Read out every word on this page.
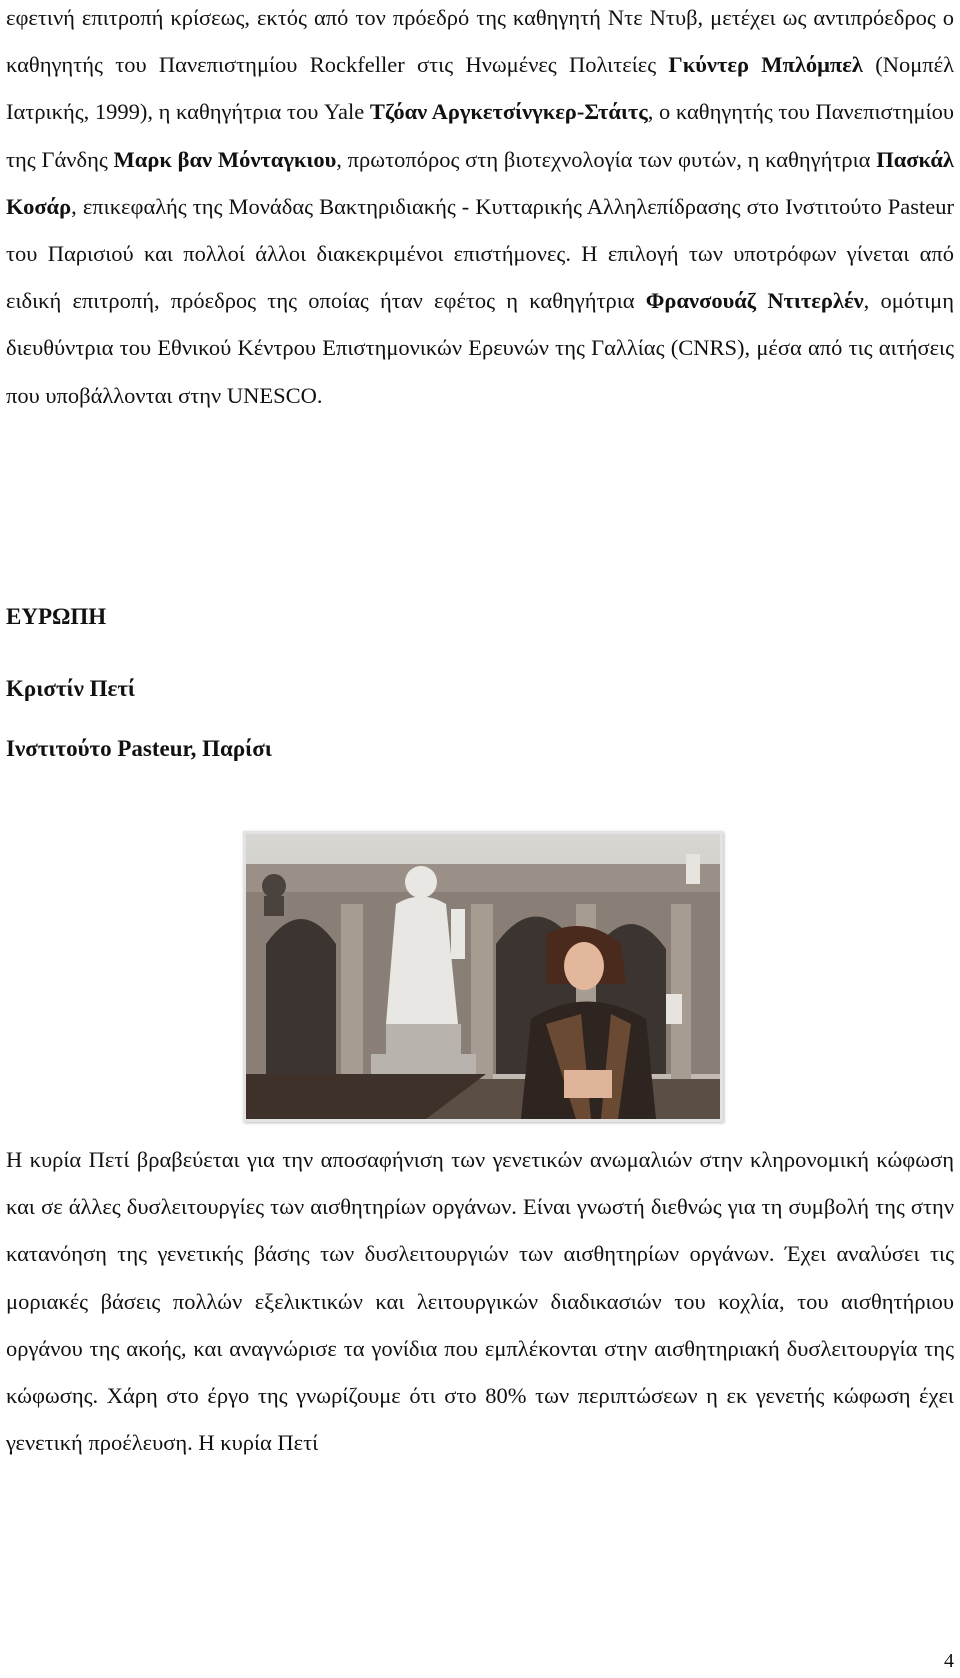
εφετινή επιτροπή κρίσεως, εκτός από τον πρόεδρό της καθηγητή Ντε Ντυβ, μετέχει ως αντιπρόεδρος ο καθηγητής του Πανεπιστημίου Rockfeller στις Ηνωμένες Πολιτείες Γκύντερ Μπλόμπελ (Νομπέλ Ιατρικής, 1999), η καθηγήτρια του Yale Τζόαν Αργκετσίνγκερ-Στάιτς, ο καθηγητής του Πανεπιστημίου της Γάνδης Μαρκ βαν Μόνταγκιου, πρωτοπόρος στη βιοτεχνολογία των φυτών, η καθηγήτρια Πασκάλ Κοσάρ, επικεφαλής της Μονάδας Βακτηριδιακής - Κυτταρικής Αλληλεπίδρασης στο Ινστιτούτο Pasteur του Παρισιού και πολλοί άλλοι διακεκριμένοι επιστήμονες. Η επιλογή των υποτρόφων γίνεται από ειδική επιτροπή, πρόεδρος της οποίας ήταν εφέτος η καθηγήτρια Φρανσουάζ Ντιτερλέν, ομότιμη διευθύντρια του Εθνικού Κέντρου Επιστημονικών Ερευνών της Γαλλίας (CNRS), μέσα από τις αιτήσεις που υποβάλλονται στην UNESCO.

ΕΥΡΩΠΗ
Κριστίν Πετί
Ινστιτούτο Pasteur, Παρίσι

Η κυρία Πετί βραβεύεται για την αποσαφήνιση των γενετικών ανωμαλιών στην κληρονομική κώφωση και σε άλλες δυσλειτουργίες των αισθητηρίων οργάνων. Είναι γνωστή διεθνώς για τη συμβολή της στην κατανόηση της γενετικής βάσης των δυσλειτουργιών των αισθητηρίων οργάνων. Έχει αναλύσει τις μοριακές βάσεις πολλών εξελικτικών και λειτουργικών διαδικασιών του κοχλία, του αισθητήριου οργάνου της ακοής, και αναγνώρισε τα γονίδια που εμπλέκονται στην αισθητηριακή δυσλειτουργία της κώφωσης. Χάρη στο έργο της γνωρίζουμε ότι στο 80% των περιπτώσεων η εκ γενετής κώφωση έχει γενετική προέλευση. Η κυρία Πετί

4
